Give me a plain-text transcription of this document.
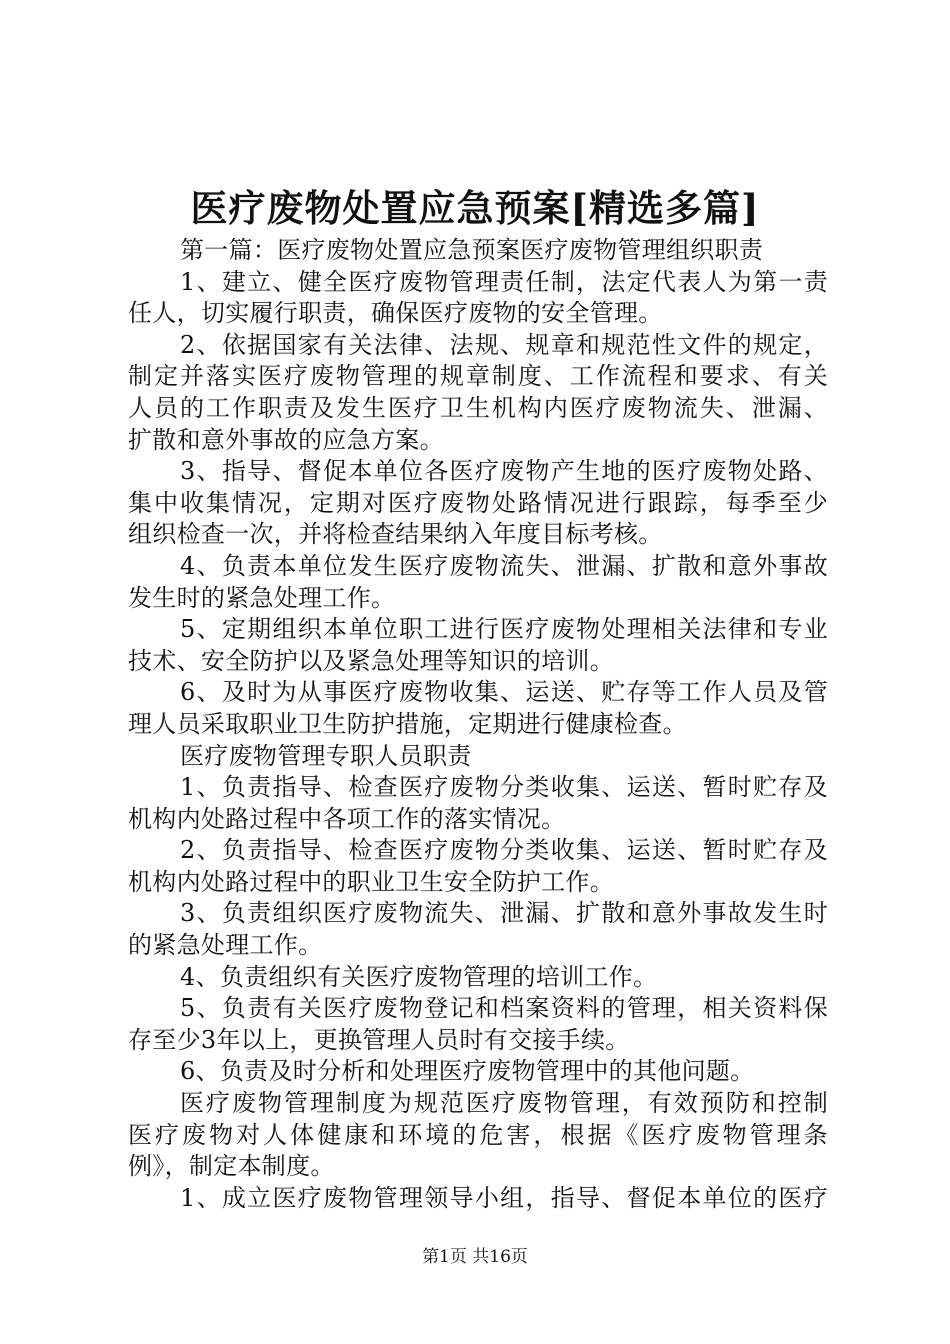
医疗废物处置应急预案[精选多篇]
第一篇：医疗废物处置应急预案医疗废物管理组织职责
1、建立、健全医疗废物管理责任制，法定代表人为第一责
任人，切实履行职责，确保医疗废物的安全管理。
2、依据国家有关法律、法规、规章和规范性文件的规定，
制定并落实医疗废物管理的规章制度、工作流程和要求、有关
人员的工作职责及发生医疗卫生机构内医疗废物流失、泄漏、
扩散和意外事故的应急方案。
3、指导、督促本单位各医疗废物产生地的医疗废物处路、
集中收集情况，定期对医疗废物处路情况进行跟踪，每季至少
组织检查一次，并将检查结果纳入年度目标考核。
4、负责本单位发生医疗废物流失、泄漏、扩散和意外事故
发生时的紧急处理工作。
5、定期组织本单位职工进行医疗废物处理相关法律和专业
技术、安全防护以及紧急处理等知识的培训。
6、及时为从事医疗废物收集、运送、贮存等工作人员及管
理人员采取职业卫生防护措施，定期进行健康检查。
医疗废物管理专职人员职责
1、负责指导、检查医疗废物分类收集、运送、暂时贮存及
机构内处路过程中各项工作的落实情况。
2、负责指导、检查医疗废物分类收集、运送、暂时贮存及
机构内处路过程中的职业卫生安全防护工作。
3、负责组织医疗废物流失、泄漏、扩散和意外事故发生时
的紧急处理工作。
4、负责组织有关医疗废物管理的培训工作。
5、负责有关医疗废物登记和档案资料的管理，相关资料保
存至少3年以上，更换管理人员时有交接手续。
6、负责及时分析和处理医疗废物管理中的其他问题。
医疗废物管理制度为规范医疗废物管理，有效预防和控制
医疗废物对人体健康和环境的危害，根据《医疗废物管理条
例》，制定本制度。
1、成立医疗废物管理领导小组，指导、督促本单位的医疗
第1页 共16页
